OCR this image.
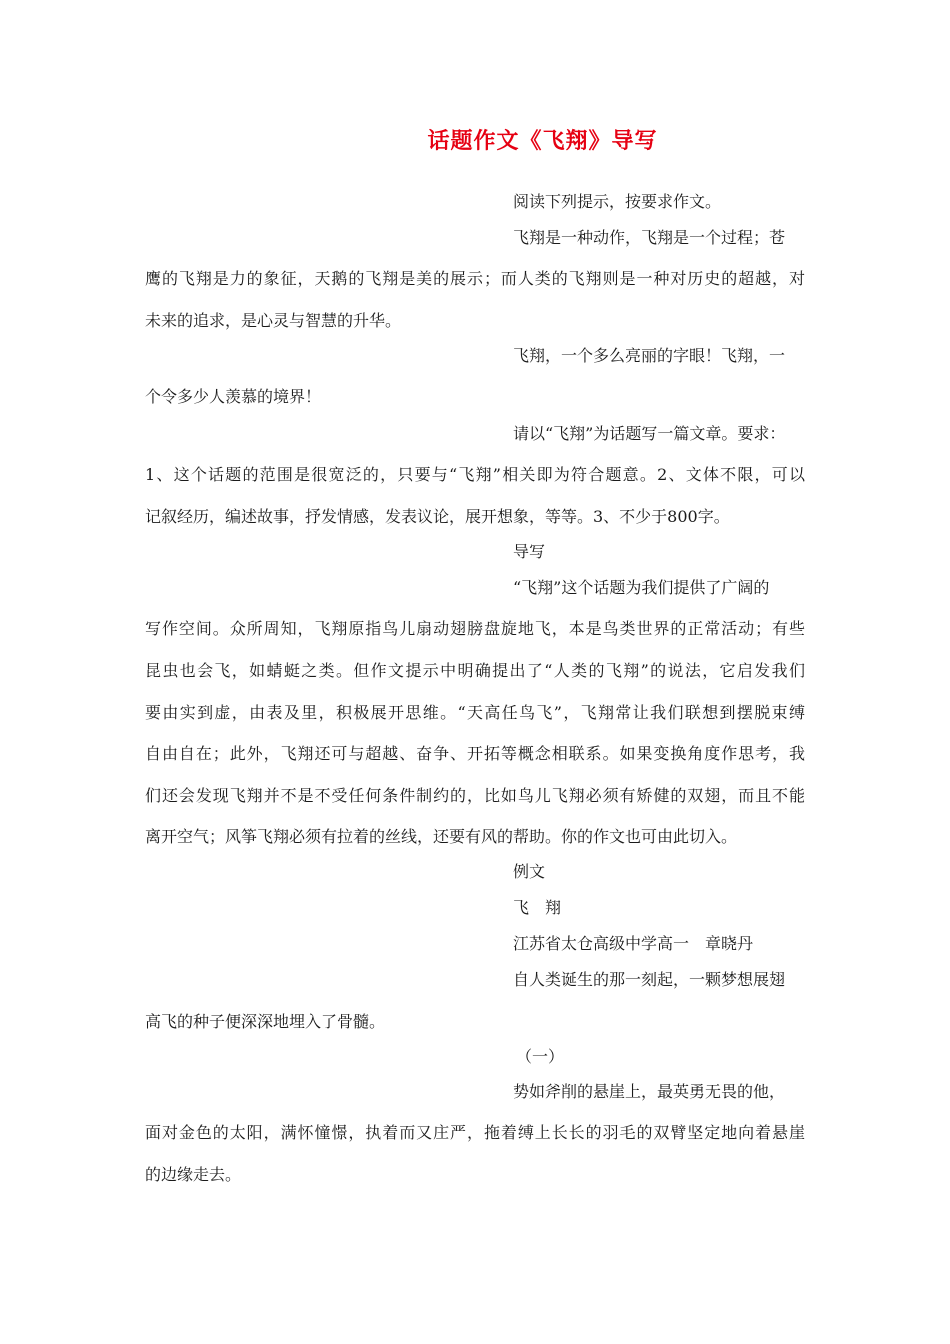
话题作文《飞翔》导写
阅读下列提示，按要求作文。
飞翔是一种动作，飞翔是一个过程；苍
鹰的飞翔是力的象征，天鹅的飞翔是美的展示；而人类的飞翔则是一种对历史的超越，对
未来的追求，是心灵与智慧的升华。
飞翔，一个多么亮丽的字眼！飞翔，一
个令多少人羡慕的境界！
请以“飞翔”为话题写一篇文章。要求：
1、这个话题的范围是很宽泛的，只要与“飞翔”相关即为符合题意。2、文体不限，可以
记叙经历，编述故事，抒发情感，发表议论，展开想象，等等。3、不少于800字。
导写
“飞翔”这个话题为我们提供了广阔的
写作空间。众所周知，飞翔原指鸟儿扇动翅膀盘旋地飞，本是鸟类世界的正常活动；有些
昆虫也会飞，如蜻蜓之类。但作文提示中明确提出了“人类的飞翔”的说法，它启发我们
要由实到虚，由表及里，积极展开思维。“天高任鸟飞”，飞翔常让我们联想到摆脱束缚
自由自在；此外，飞翔还可与超越、奋争、开拓等概念相联系。如果变换角度作思考，我
们还会发现飞翔并不是不受任何条件制约的，比如鸟儿飞翔必须有矫健的双翅，而且不能
离开空气；风筝飞翔必须有拉着的丝线，还要有风的帮助。你的作文也可由此切入。
例文
飞　翔
江苏省太仓高级中学高一　章晓丹
自人类诞生的那一刻起，一颗梦想展翅
高飞的种子便深深地埋入了骨髓。
（一）
势如斧削的悬崖上，最英勇无畏的他，
面对金色的太阳，满怀憧憬，执着而又庄严，拖着缚上长长的羽毛的双臂坚定地向着悬崖
的边缘走去。
